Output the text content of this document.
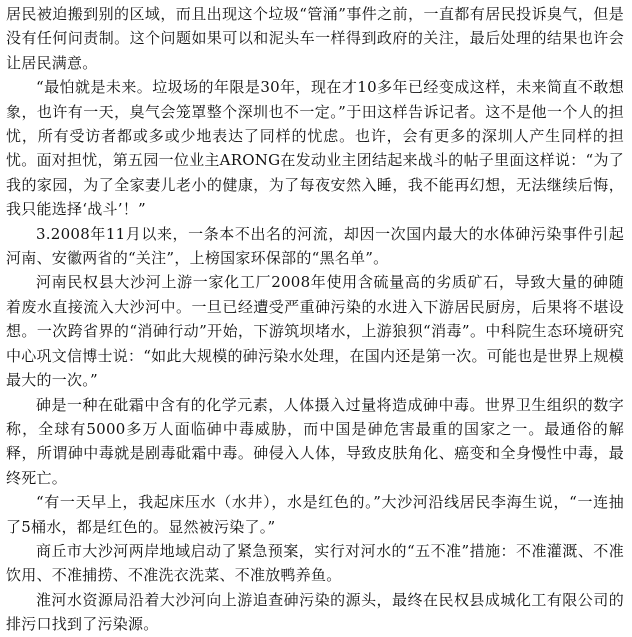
居民被迫搬到别的区域，而且出现这个垃圾“管涌”事件之前，一直都有居民投诉臭气，但是没有任何问责制。这个问题如果可以和泥头车一样得到政府的关注，最后处理的结果也许会让居民满意。

“最怕就是未来。垃圾场的年限是30年，现在才10多年已经变成这样，未来简直不敢想象，也许有一天，臭气会笼罩整个深圳也不一定。”于田这样告诉记者。这不是他一个人的担忧，所有受访者都或多或少地表达了同样的忧虑。也许，会有更多的深圳人产生同样的担忧。面对担忧，第五园一位业主ARONG在发动业主团结起来战斗的帖子里面这样说：“为了我的家园，为了全家妻儿老小的健康，为了每夜安然入睡，我不能再幻想，无法继续后悔，我只能选择‘战斗’！”

3.2008年11月以来，一条本不出名的河流，却因一次国内最大的水体砷污染事件引起河南、安徽两省的“关注”，上榜国家环保部的“黑名单”。

河南民权县大沙河上游一家化工厂2008年使用含硫量高的劣质矿石，导致大量的砷随着废水直接流入大沙河中。一旦已经遭受严重砷污染的水进入下游居民厨房，后果将不堪设想。一次跨省界的“消砷行动”开始，下游筑坝堵水，上游狼狈“消毒”。中科院生态环境研究中心巩文信博士说：“如此大规模的砷污染水处理，在国内还是第一次。可能也是世界上规模最大的一次。”

砷是一种在砒霜中含有的化学元素，人体摄入过量将造成砷中毒。世界卫生组织的数字称，全球有5000多万人面临砷中毒威胁，而中国是砷危害最重的国家之一。最通俗的解释，所谓砷中毒就是剧毒砒霜中毒。砷侵入人体，导致皮肤角化、癌变和全身慢性中毒，最终死亡。

“有一天早上，我起床压水（水井），水是红色的。”大沙河沿线居民李海生说，“一连抽了5桶水，都是红色的。显然被污染了。”

商丘市大沙河两岸地域启动了紧急预案，实行对河水的“五不准”措施：不准灌溉、不准饮用、不准捕捞、不准洗衣洗菜、不准放鸭养鱼。

淮河水资源局沿着大沙河向上游追查砷污染的源头，最终在民权县成城化工有限公司的排污口找到了污染源。
